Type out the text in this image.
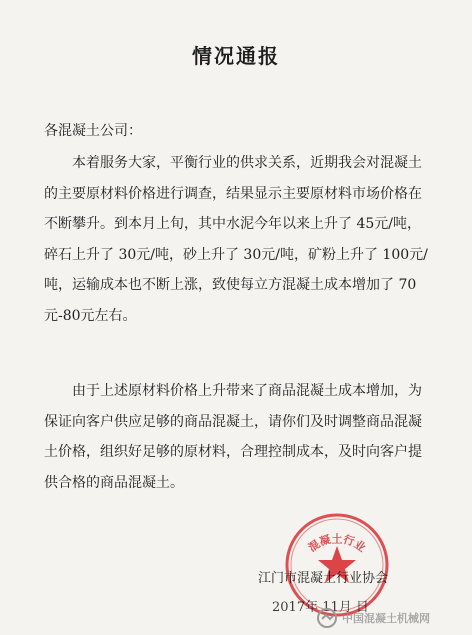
情况通报
各混凝土公司：
本着服务大家，平衡行业的供求关系，近期我会对混凝土的主要原材料价格进行调查，结果显示主要原材料市场价格在不断攀升。到本月上旬，其中水泥今年以来上升了 45元/吨，碎石上升了 30元/吨，砂上升了 30元/吨，矿粉上升了 100元/吨，运输成本也不断上涨，致使每立方混凝土成本增加了 70元-80元左右。
由于上述原材料价格上升带来了商品混凝土成本增加，为保证向客户供应足够的商品混凝土，请你们及时调整商品混凝土价格，组织好足够的原材料，合理控制成本，及时向客户提供合格的商品混凝土。
混凝土行业
江门市混凝土行业协会
2017年 11月 日
中国混凝土机械网
